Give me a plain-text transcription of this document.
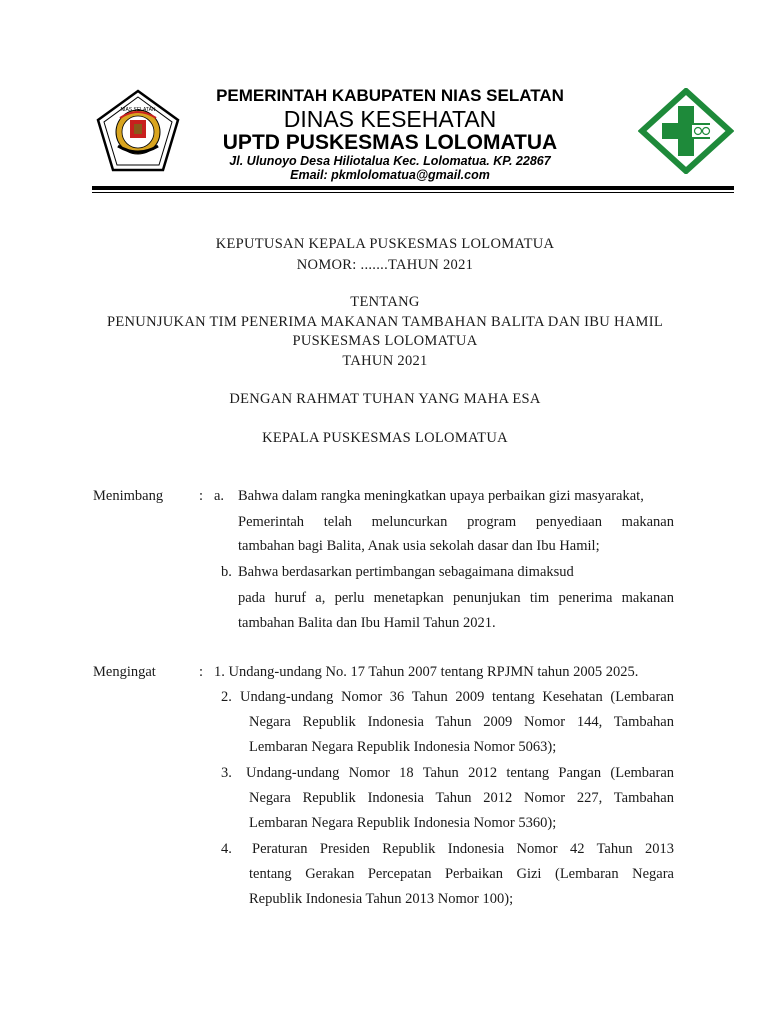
NIAS SELATAN
PEMERINTAH KABUPATEN NIAS SELATAN
DINAS KESEHATAN
UPTD PUSKESMAS LOLOMATUA
Jl. Ulunoyo Desa Hiliotalua Kec. Lolomatua. KP. 22867
Email: pkmlolomatua@gmail.com
KEPUTUSAN KEPALA PUSKESMAS LOLOMATUA
NOMOR: .......TAHUN 2021
TENTANG
PENUNJUKAN TIM PENERIMA MAKANAN TAMBAHAN BALITA DAN IBU HAMIL
PUSKESMAS LOLOMATUA
TAHUN 2021
DENGAN RAHMAT TUHAN YANG MAHA ESA
KEPALA PUSKESMAS LOLOMATUA
Menimbang : a. Bahwa dalam rangka meningkatkan upaya perbaikan gizi masyarakat,
Pemerintah telah meluncurkan program penyediaan makanan
tambahan bagi Balita, Anak usia sekolah dasar dan Ibu Hamil;
b. Bahwa berdasarkan pertimbangan sebagaimana dimaksud
pada huruf a, perlu menetapkan penunjukan tim penerima makanan
tambahan Balita dan Ibu Hamil Tahun 2021.
Mengingat	: 1. Undang-undang No. 17 Tahun 2007 tentang RPJMN tahun 2005 2025.
2. Undang-undang Nomor 36 Tahun 2009 tentang Kesehatan (Lembaran
Negara Republik Indonesia Tahun 2009 Nomor 144, Tambahan
Lembaran Negara Republik Indonesia Nomor 5063);
3. Undang-undang Nomor 18 Tahun 2012 tentang Pangan (Lembaran
Negara Republik Indonesia Tahun 2012 Nomor 227, Tambahan
Lembaran Negara Republik Indonesia Nomor 5360);
4. Peraturan Presiden Republik Indonesia Nomor 42 Tahun 2013
tentang Gerakan Percepatan Perbaikan Gizi (Lembaran Negara
Republik Indonesia Tahun 2013 Nomor 100);
